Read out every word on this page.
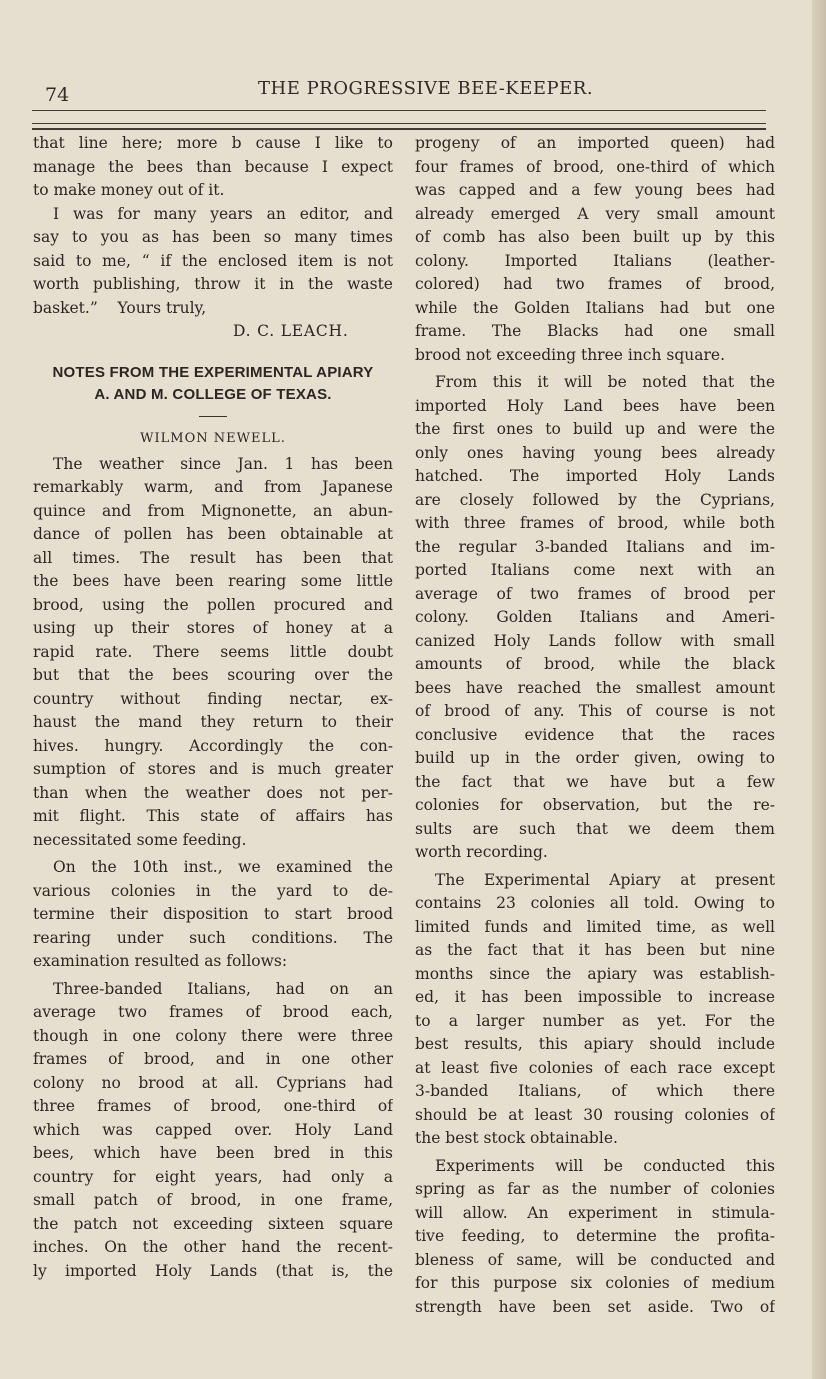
74	THE PROGRESSIVE BEE-KEEPER.
that line here; more b cause I like to
manage the bees than because I expect
to make money out of it.
I was for many years an editor, and
say to you as has been so many times
said to me, “ if the enclosed item is not
worth publishing, throw it in the waste
basket.”    Yours truly,
D. C. LEACH.
NOTES FROM THE EXPERIMENTAL APIARY
A. AND M. COLLEGE OF TEXAS.
WILMON NEWELL.
The weather since Jan. 1 has been
remarkably warm, and from Japanese
quince and from Mignonette, an abun-
dance of pollen has been obtainable at
all times. The result has been that
the bees have been rearing some little
brood, using the pollen procured and
using up their stores of honey at a
rapid rate. There seems little doubt
but that the bees scouring over the
country without finding nectar, ex-
haust the mand they return to their
hives. hungry. Accordingly the con-
sumption of stores and is much greater
than when the weather does not per-
mit flight. This state of affairs has
necessitated some feeding.
On the 10th inst., we examined the
various colonies in the yard to de-
termine their disposition to start brood
rearing under such conditions. The
examination resulted as follows:
Three-banded Italians, had on an
average two frames of brood each,
though in one colony there were three
frames of brood, and in one other
colony no brood at all. Cyprians had
three frames of brood, one-third of
which was capped over. Holy Land
bees, which have been bred in this
country for eight years, had only a
small patch of brood, in one frame,
the patch not exceeding sixteen square
inches. On the other hand the recent-
ly imported Holy Lands (that is, the
progeny of an imported queen) had
four frames of brood, one-third of which
was capped and a few young bees had
already emerged A very small amount
of comb has also been built up by this
colony. Imported Italians (leather-
colored) had two frames of brood,
while the Golden Italians had but one
frame. The Blacks had one small
brood not exceeding three inch square.
From this it will be noted that the
imported Holy Land bees have been
the first ones to build up and were the
only ones having young bees already
hatched. The imported Holy Lands
are closely followed by the Cyprians,
with three frames of brood, while both
the regular 3-banded Italians and im-
ported Italians come next with an
average of two frames of brood per
colony. Golden Italians and Ameri-
canized Holy Lands follow with small
amounts of brood, while the black
bees have reached the smallest amount
of brood of any. This of course is not
conclusive evidence that the races
build up in the order given, owing to
the fact that we have but a few
colonies for observation, but the re-
sults are such that we deem them
worth recording.
The Experimental Apiary at present
contains 23 colonies all told. Owing to
limited funds and limited time, as well
as the fact that it has been but nine
months since the apiary was establish-
ed, it has been impossible to increase
to a larger number as yet. For the
best results, this apiary should include
at least five colonies of each race except
3-banded Italians, of which there
should be at least 30 rousing colonies of
the best stock obtainable.
Experiments will be conducted this
spring as far as the number of colonies
will allow. An experiment in stimula-
tive feeding, to determine the profita-
bleness of same, will be conducted and
for this purpose six colonies of medium
strength have been set aside. Two of
